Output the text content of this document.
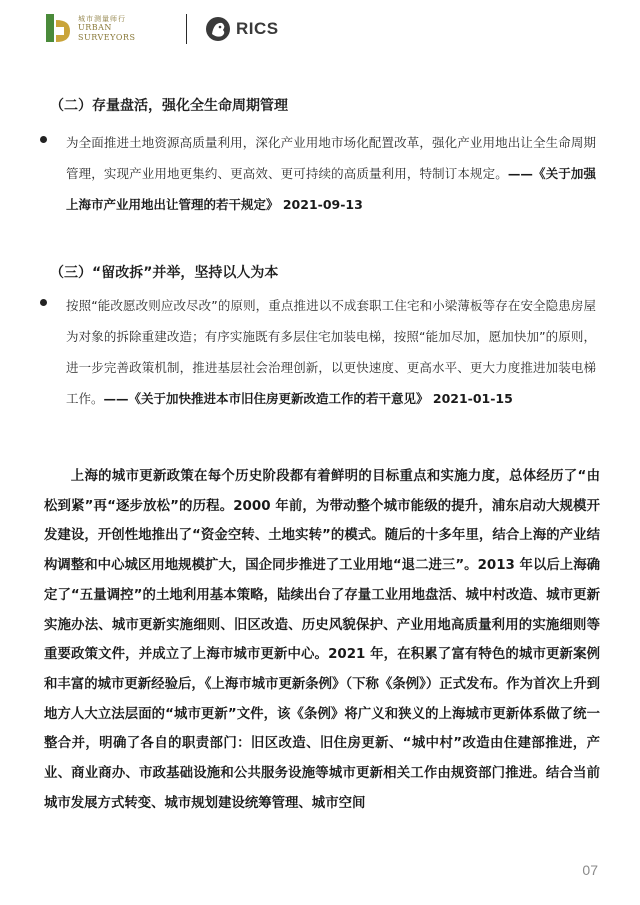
城市测量师行
URBAN
SURVEYORS	RICS
（二）存量盘活，强化全生命周期管理
为全面推进土地资源高质量利用，深化产业用地市场化配置改革，强化产业用地出让全生命周期管理，实现产业用地更集约、更高效、更可持续的高质量利用，特制订本规定。——《关于加强上海市产业用地出让管理的若干规定》 2021-09-13
（三）“留改拆”并举，坚持以人为本
按照“能改愿改则应改尽改”的原则，重点推进以不成套职工住宅和小梁薄板等存在安全隐患房屋为对象的拆除重建改造；有序实施既有多层住宅加装电梯，按照“能加尽加，愿加快加”的原则，进一步完善政策机制，推进基层社会治理创新，以更快速度、更高水平、更大力度推进加装电梯工作。——《关于加快推进本市旧住房更新改造工作的若干意见》 2021-01-15
上海的城市更新政策在每个历史阶段都有着鲜明的目标重点和实施力度，总体经历了“由松到紧”再“逐步放松”的历程。2000 年前，为带动整个城市能级的提升，浦东启动大规模开发建设，开创性地推出了“资金空转、土地实转”的模式。随后的十多年里，结合上海的产业结构调整和中心城区用地规模扩大，国企同步推进了工业用地“退二进三”。2013 年以后上海确定了“五量调控”的土地利用基本策略，陆续出台了存量工业用地盘活、城中村改造、城市更新实施办法、城市更新实施细则、旧区改造、历史风貌保护、产业用地高质量利用的实施细则等重要政策文件，并成立了上海市城市更新中心。2021 年，在积累了富有特色的城市更新案例和丰富的城市更新经验后，《上海市城市更新条例》（下称《条例》）正式发布。作为首次上升到地方人大立法层面的“城市更新”文件，该《条例》将广义和狭义的上海城市更新体系做了统一整合并，明确了各自的职责部门：旧区改造、旧住房更新、“城中村”改造由住建部推进，产业、商业商办、市政基础设施和公共服务设施等城市更新相关工作由规资部门推进。结合当前城市发展方式转变、城市规划建设统筹管理、城市空间
07
